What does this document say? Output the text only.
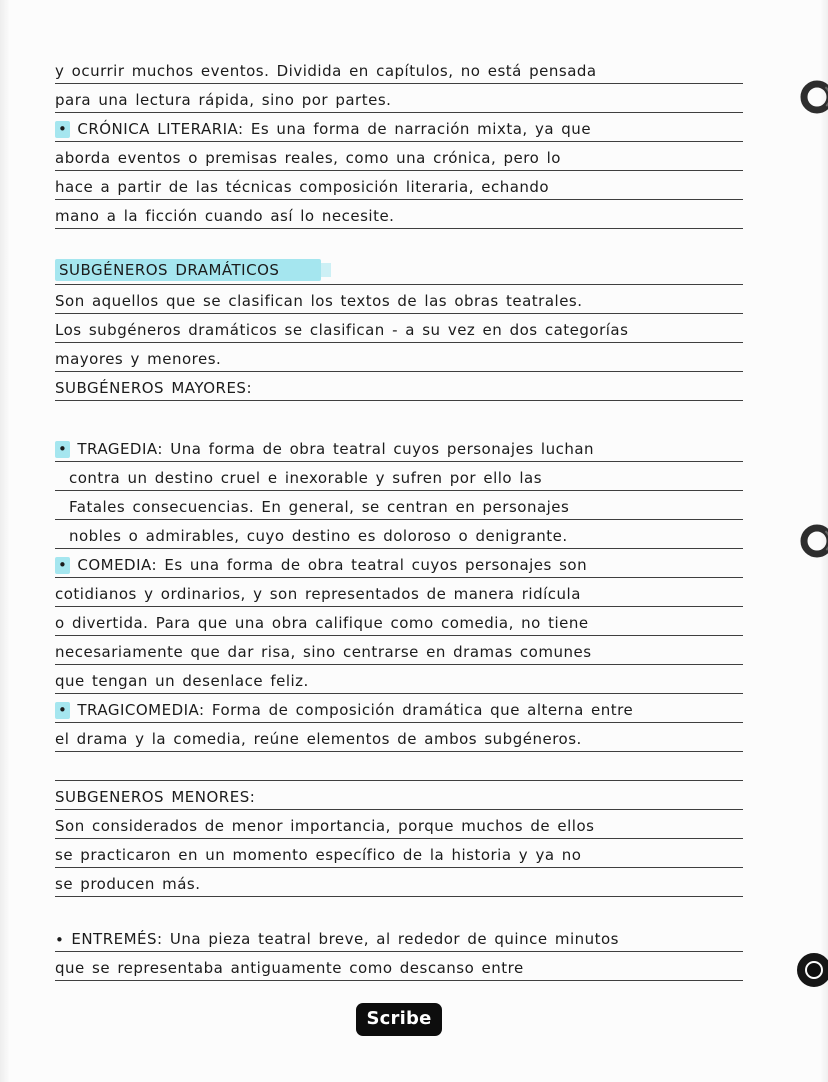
y ocurrir muchos eventos. Dividida en capítulos, no está pensada
para una lectura rápida, sino por partes.
• CRÓNICA LITERARIA: Es una forma de narración mixta, ya que
aborda eventos o premisas reales, como una crónica, pero lo
hace a partir de las técnicas composición literaria, echando
mano a la ficción cuando así lo necesite.
SUBGÉNEROS DRAMÁTICOS
Son aquellos que se clasifican los textos de las obras teatrales.
Los subgéneros dramáticos se clasifican - a su vez en dos categorías
mayores y menores.
SUBGÉNEROS MAYORES:
• TRAGEDIA: Una forma de obra teatral cuyos personajes luchan
contra un destino cruel e inexorable y sufren por ello las
Fatales consecuencias. En general, se centran en personajes
nobles o admirables, cuyo destino es doloroso o denigrante.
• COMEDIA: Es una forma de obra teatral cuyos personajes son
cotidianos y ordinarios, y son representados de manera ridícula
o divertida. Para que una obra califique como comedia, no tiene
necesariamente que dar risa, sino centrarse en dramas comunes
que tengan un desenlace feliz.
• TRAGICOMEDIA: Forma de composición dramática que alterna entre
el drama y la comedia, reúne elementos de ambos subgéneros.
SUBGENEROS MENORES:
Son considerados de menor importancia, porque muchos de ellos
se practicaron en un momento específico de la historia y ya no
se producen más.
• ENTREMÉS: Una pieza teatral breve, al rededor de quince minutos
que se representaba antiguamente como descanso entre
Scribe
